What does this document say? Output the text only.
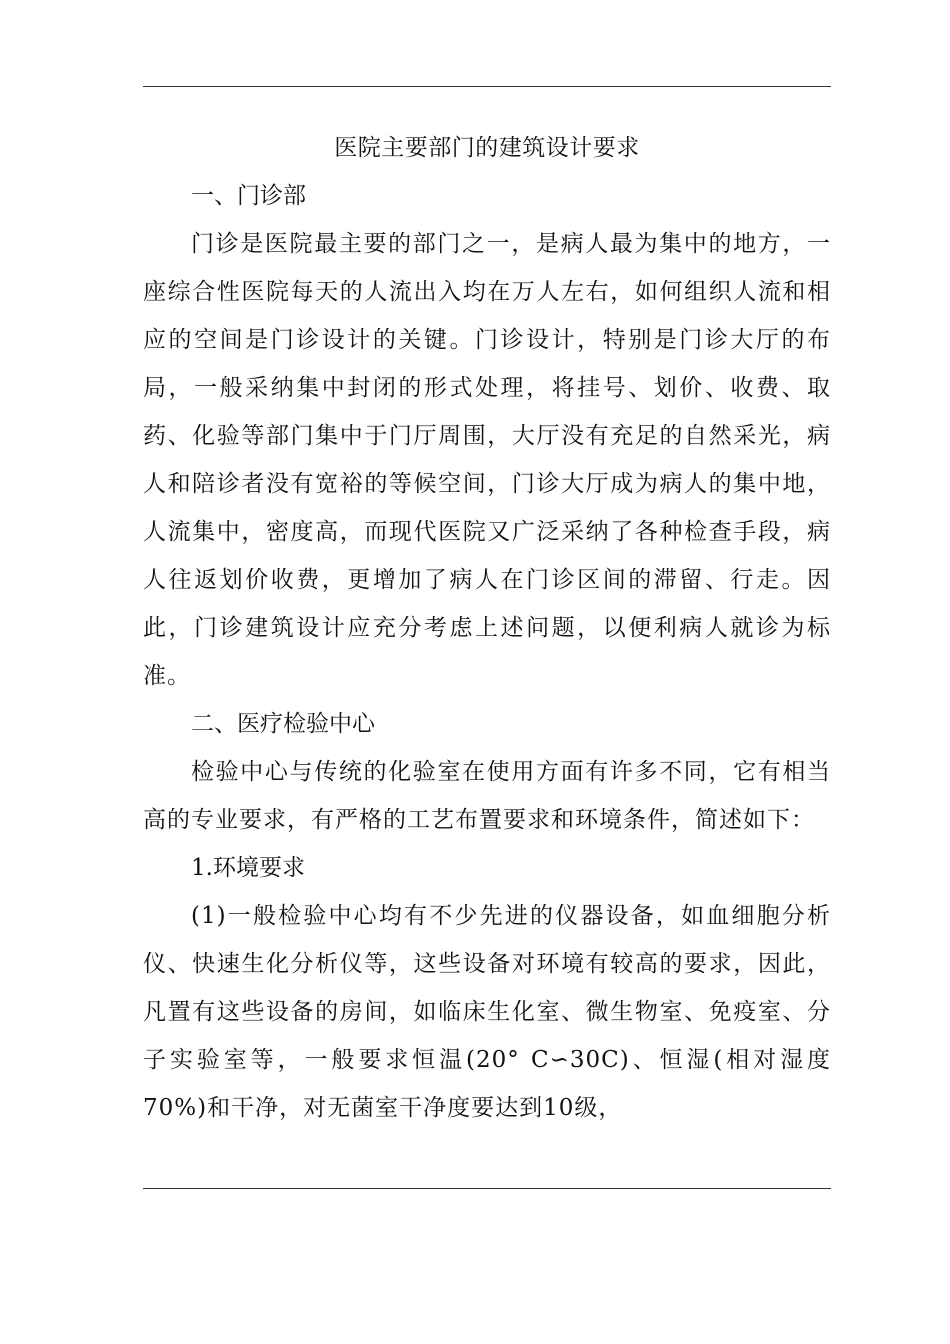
医院主要部门的建筑设计要求
一、门诊部

门诊是医院最主要的部门之一，是病人最为集中的地方，一座综合性医院每天的人流出入均在万人左右，如何组织人流和相应的空间是门诊设计的关键。门诊设计，特别是门诊大厅的布局，一般采纳集中封闭的形式处理，将挂号、划价、收费、取药、化验等部门集中于门厅周围，大厅没有充足的自然采光，病人和陪诊者没有宽裕的等候空间，门诊大厅成为病人的集中地，人流集中，密度高，而现代医院又广泛采纳了各种检查手段，病人往返划价收费，更增加了病人在门诊区间的滞留、行走。因此，门诊建筑设计应充分考虑上述问题，以便利病人就诊为标准。

二、医疗检验中心

检验中心与传统的化验室在使用方面有许多不同，它有相当高的专业要求，有严格的工艺布置要求和环境条件，简述如下：

1.环境要求

(1)一般检验中心均有不少先进的仪器设备，如血细胞分析仪、快速生化分析仪等，这些设备对环境有较高的要求，因此，凡置有这些设备的房间，如临床生化室、微生物室、免疫室、分子实验室等，一般要求恒温(20° C∽30C)、恒湿(相对湿度70%)和干净，对无菌室干净度要达到10级，
